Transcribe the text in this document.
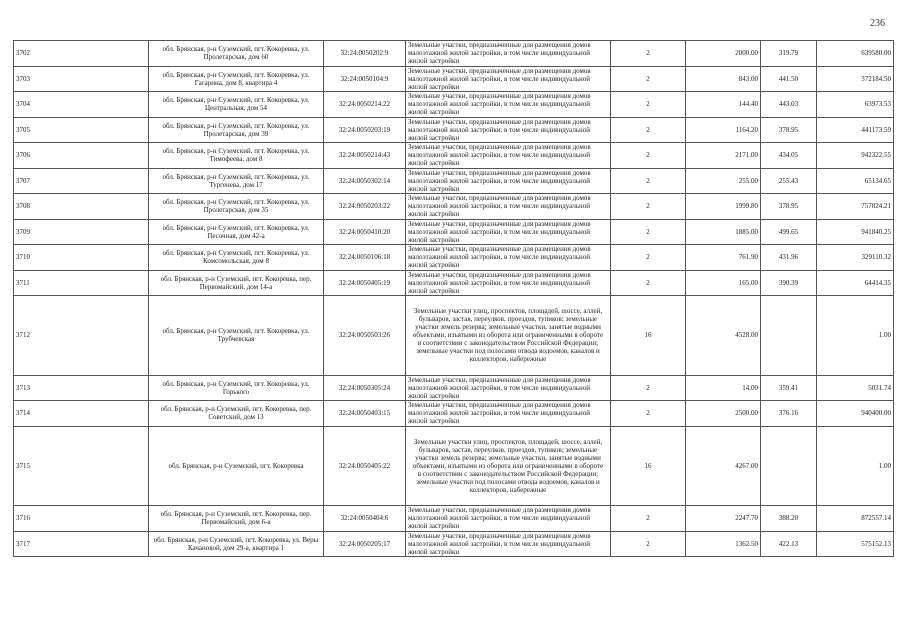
236
3702	обл. Брянская, р-н Суземский, пгт. Кокоревка, ул. Пролетарская, дом 60	32:24:0050202:9	Земельные участки, предназначенные для размещения домов малоэтажной жилой застройки, в том числе индивидуальной жилой застройки	2	2000.00	319.79	639580.00
3703	обл. Брянская, р-н Суземский, пгт. Кокоревка, ул. Гагарина, дом 8, квартира 4	32:24:0050104:9	Земельные участки, предназначенные для размещения домов малоэтажной жилой застройки, в том числе индивидуальной жилой застройки	2	843.00	441.50	372184.50
3704	обл. Брянская, р-н Суземский, пгт. Кокоревка, ул. Центральная, дом 54	32:24:0050214:22	Земельные участки, предназначенные для размещения домов малоэтажной жилой застройки, в том числе индивидуальной жилой застройки	2	144.40	443.03	63973.53
3705	обл. Брянская, р-н Суземский, пгт. Кокоревка, ул. Пролетарская, дом 39	32:24:0050203:19	Земельные участки, предназначенные для размещения домов малоэтажной жилой застройки, в том числе индивидуальной жилой застройки	2	1164.20	378.95	441173.59
3706	обл. Брянская, р-н Суземский, пгт. Кокоревка, ул. Тимофеева, дом 8	32:24:0050214:43	Земельные участки, предназначенные для размещения домов малоэтажной жилой застройки, в том числе индивидуальной жилой застройки	2	2171.00	434.05	942322.55
3707	обл. Брянская, р-н Суземский, пгт. Кокоревка, ул. Тургенева, дом 17	32:24:0050302:14	Земельные участки, предназначенные для размещения домов малоэтажной жилой застройки, в том числе индивидуальной жилой застройки	2	255.00	255.43	65134.65
3708	обл. Брянская, р-н Суземский, пгт. Кокоревка, ул. Пролетарская, дом 35	32:24:0050203:22	Земельные участки, предназначенные для размещения домов малоэтажной жилой застройки, в том числе индивидуальной жилой застройки	2	1999.80	378.95	757824.21
3709	обл. Брянская, р-н Суземский, пгт. Кокоревка, ул. Песочная, дом 42-а	32:24:0050410:20	Земельные участки, предназначенные для размещения домов малоэтажной жилой застройки, в том числе индивидуальной жилой застройки	2	1885.00	499.65	941840.25
3710	обл. Брянская, р-н Суземский, пгт. Кокоревка, ул. Комсомольская, дом 8	32:24:0050106:18	Земельные участки, предназначенные для размещения домов малоэтажной жилой застройки, в том числе индивидуальной жилой застройки	2	761.90	431.96	329110.32
3711	обл. Брянская, р-н Суземский, пгт. Кокоревка, пер. Первомайский, дом 14-а	32:24:0050405:19	Земельные участки, предназначенные для размещения домов малоэтажной жилой застройки, в том числе индивидуальной жилой застройки	2	165.00	390.39	64414.35
3712	обл. Брянская, р-н Суземский, пгт. Кокоревка, ул. Трубчевская	32:24:0050503:26	Земельные участки улиц, проспектов, площадей, шоссе, аллей, бульваров, застав, переулков, проездов, тупиков; земельные участки земель резерва; земельные участки, занятые водными объектами, изъятыми из оборота или ограниченными в обороте в соответствии с законодательством Российской Федерации; земельные участки под полосами отвода водоемов, каналов и коллекторов, набережные	16	4528.00		1.00
3713	обл. Брянская, р-н Суземский, пгт. Кокоревка, ул. Горького	32:24:0050305:24	Земельные участки, предназначенные для размещения домов малоэтажной жилой застройки, в том числе индивидуальной жилой застройки	2	14.00	359.41	5031.74
3714	обл. Брянская, р-н Суземский, пгт. Кокоревка, пер. Советский, дом 13	32:24:0050403:15	Земельные участки, предназначенные для размещения домов малоэтажной жилой застройки, в том числе индивидуальной жилой застройки	2	2500.00	376.16	940400.00
3715	обл. Брянская, р-н Суземский, пгт. Кокоревка	32:24:0050405:22	Земельные участки улиц, проспектов, площадей, шоссе, аллей, бульваров, застав, переулков, проездов, тупиков; земельные участки земель резерва; земельные участки, занятые водными объектами, изъятыми из оборота или ограниченными в обороте в соответствии с законодательством Российской Федерации; земельные участки под полосами отвода водоемов, каналов и коллекторов, набережные	16	4267.00		1.00
3716	обл. Брянская, р-н Суземский, пгт. Кокоревка, пер. Первомайский, дом 6-а	32:24:0050404:6	Земельные участки, предназначенные для размещения домов малоэтажной жилой застройки, в том числе индивидуальной жилой застройки	2	2247.70	388.20	872557.14
3717	обл. Брянская, р-н Суземский, пгт. Кокоревка, ул. Веры Качановой, дом 29-а, квартира 1	32:24:0050205:17	Земельные участки, предназначенные для размещения домов малоэтажной жилой застройки, в том числе индивидуальной жилой застройки	2	1362.50	422.13	575152.13
